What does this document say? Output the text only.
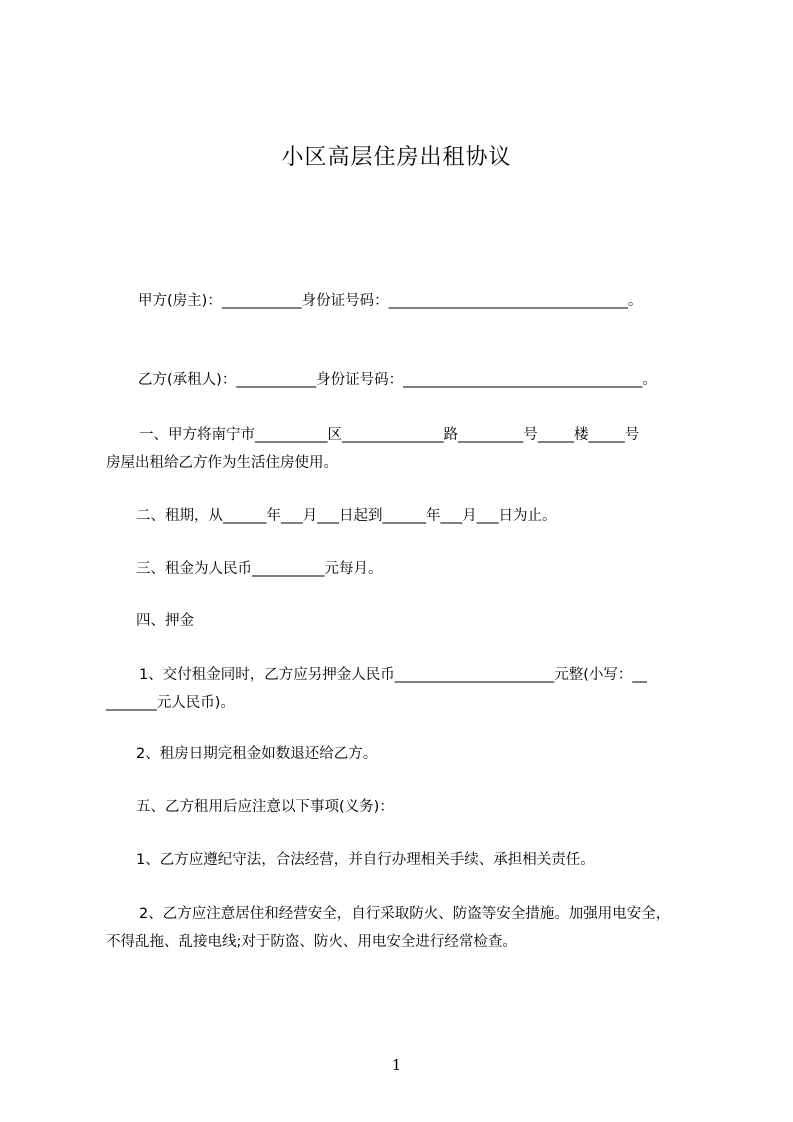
小区高层住房出租协议
甲方(房主)：___________身份证号码：_________________________________。
乙方(承租人)：___________身份证号码：_________________________________。
一、甲方将南宁市__________区______________路_________号_____楼_____号
房屋出租给乙方作为生活住房使用。
二、租期，从______年___月___日起到______年___月___日为止。
三、租金为人民币__________元每月。
四、押金
1、交付租金同时，乙方应另押金人民币______________________元整(小写：__
_______元人民币)。
2、租房日期完租金如数退还给乙方。
五、乙方租用后应注意以下事项(义务)：
1、乙方应遵纪守法，合法经营，并自行办理相关手续、承担相关责任。
2、乙方应注意居住和经营安全，自行采取防火、防盗等安全措施。加强用电安全，
不得乱拖、乱接电线;对于防盗、防火、用电安全进行经常检查。
1
